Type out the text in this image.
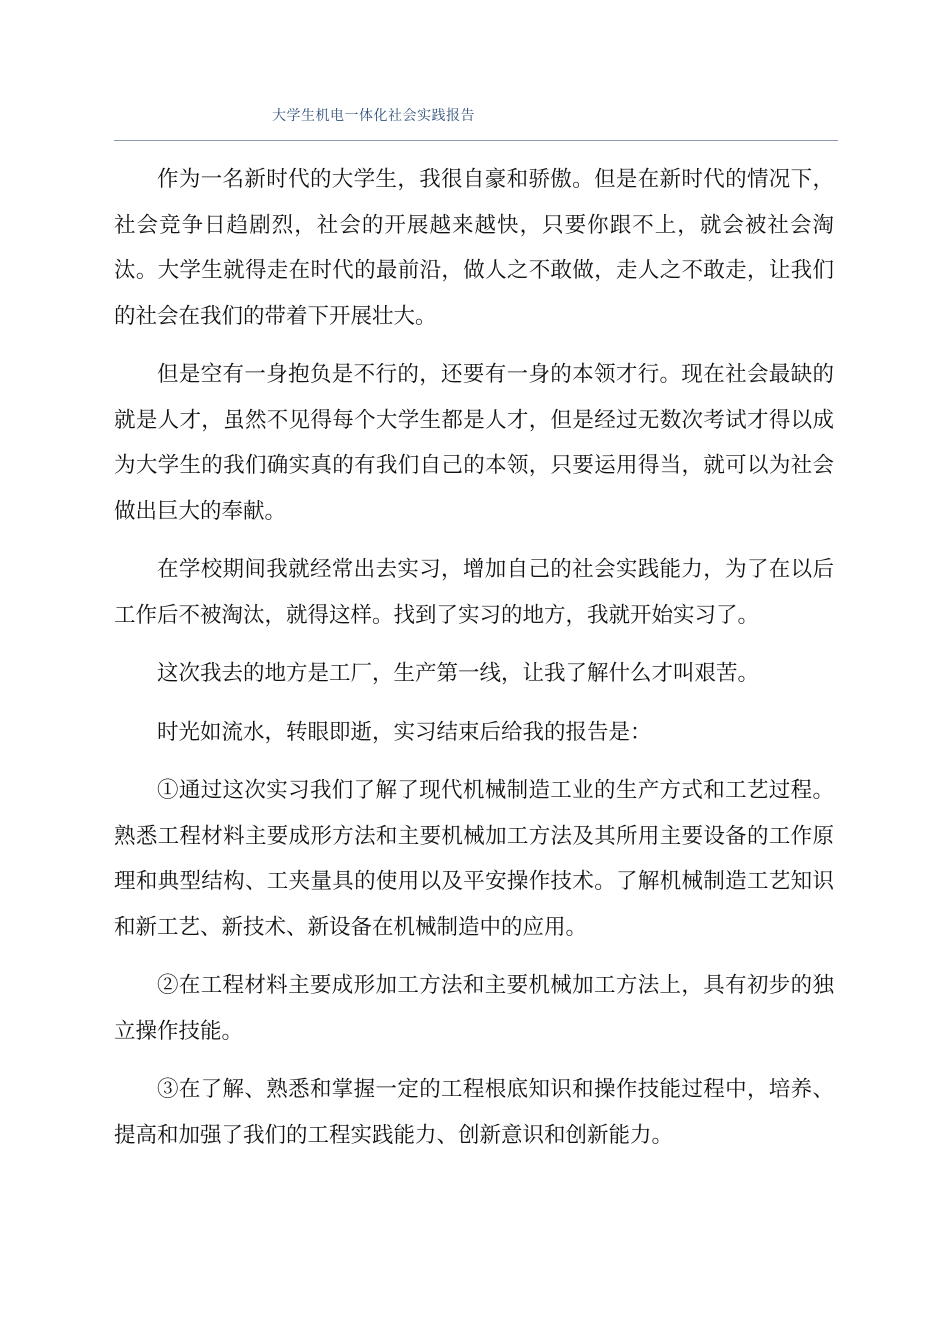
大学生机电一体化社会实践报告

作为一名新时代的大学生，我很自豪和骄傲。但是在新时代的情况下，社会竞争日趋剧烈，社会的开展越来越快，只要你跟不上，就会被社会淘汰。大学生就得走在时代的最前沿，做人之不敢做，走人之不敢走，让我们的社会在我们的带着下开展壮大。

但是空有一身抱负是不行的，还要有一身的本领才行。现在社会最缺的就是人才，虽然不见得每个大学生都是人才，但是经过无数次考试才得以成为大学生的我们确实真的有我们自己的本领，只要运用得当，就可以为社会做出巨大的奉献。

在学校期间我就经常出去实习，增加自己的社会实践能力，为了在以后工作后不被淘汰，就得这样。找到了实习的地方，我就开始实习了。

这次我去的地方是工厂，生产第一线，让我了解什么才叫艰苦。

时光如流水，转眼即逝，实习结束后给我的报告是：

①通过这次实习我们了解了现代机械制造工业的生产方式和工艺过程。熟悉工程材料主要成形方法和主要机械加工方法及其所用主要设备的工作原理和典型结构、工夹量具的使用以及平安操作技术。了解机械制造工艺知识和新工艺、新技术、新设备在机械制造中的应用。

②在工程材料主要成形加工方法和主要机械加工方法上，具有初步的独立操作技能。

③在了解、熟悉和掌握一定的工程根底知识和操作技能过程中，培养、提高和加强了我们的工程实践能力、创新意识和创新能力。
